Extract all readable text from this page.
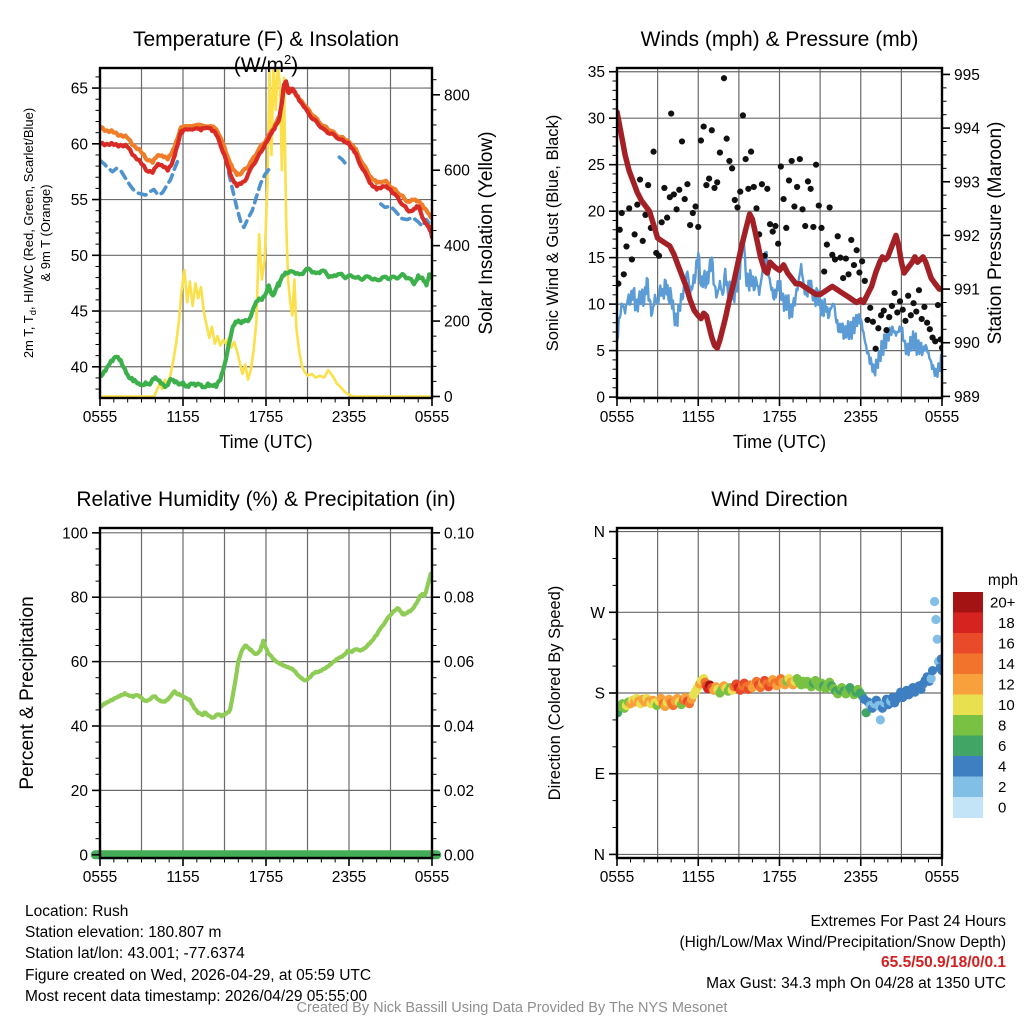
0555	1155	1755	2355	0555
Time (UTC)
40
45
50
55
60
65
0
200
400
600
800
2m T, $T_d$, HI/WC (Red, Green, Scarlet/Blue) & 9m T (Orange)	Solar Insolation (Yellow)
0555	1155	1755	2355	0555
Time (UTC)
0
5
10
15
20
25
30
35
989
990
991
992
993
994
995
Sonic Wind & Gust (Blue, Black)	Station Pressure (Maroon)
0555	1155	1755	2355	0555
0
20
40
60
80
100
0.00
0.02
0.04
0.06
0.08
0.10
Percent & Precipitation
0555	1155	1755	2355	0555
N
W
S
E
N
Direction (Colored By Speed)
mph
20+
18
16
14
12
10
8
6
4
2
0
Temperature (F) & Insolation $(W/m^2)$
Winds (mph) & Pressure (mb)
Relative Humidity (%) & Precipitation (in)	Wind Direction
Location: Rush
Station elevation: 180.807 m
Station lat/lon: 43.001; -77.6374
Figure created on Wed, 2026-04-29, at 05:59 UTC
Most recent data timestamp: 2026/04/29 05:55:00
Extremes For Past 24 Hours
(High/Low/Max Wind/Precipitation/Snow Depth)
65.5/50.9/18/0/0.1
Max Gust: 34.3 mph On 04/28 at 1350 UTC
Created By Nick Bassill Using Data Provided By The NYS Mesonet
